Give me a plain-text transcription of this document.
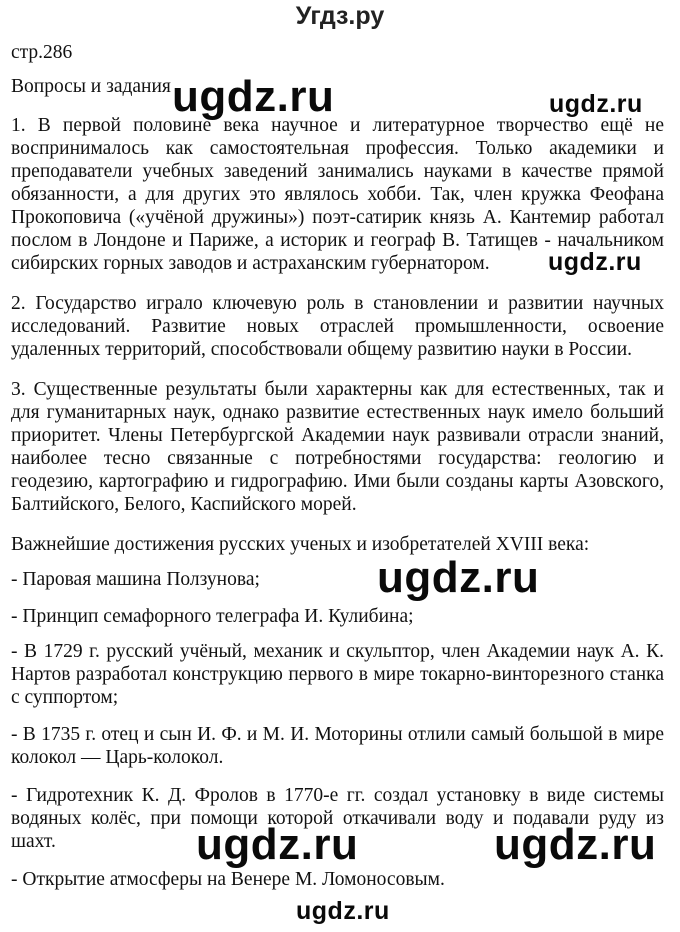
Угдз.ру

стр.286

Вопросы и задания

1. В первой половине века научное и литературное творчество ещё не воспринималось как самостоятельная профессия. Только академики и преподаватели учебных заведений занимались науками в качестве прямой обязанности, а для других это являлось хобби. Так, член кружка Феофана Прокоповича («учёной дружины») поэт-сатирик князь А. Кантемир работал послом в Лондоне и Париже, а историк и географ В. Татищев - начальником сибирских горных заводов и астраханским губернатором.

2. Государство играло ключевую роль в становлении и развитии научных исследований. Развитие новых отраслей промышленности, освоение удаленных территорий, способствовали общему развитию науки в России.

3. Существенные результаты были характерны как для естественных, так и для гуманитарных наук, однако развитие естественных наук имело больший приоритет. Члены Петербургской Академии наук развивали отрасли знаний, наиболее тесно связанные с потребностями государства: геологию и геодезию, картографию и гидрографию. Ими были созданы карты Азовского, Балтийского, Белого, Каспийского морей.

Важнейшие достижения русских ученых и изобретателей XVIII века:

- Паровая машина Ползунова;

- Принцип семафорного телеграфа И. Кулибина;

- В 1729 г. русский учёный, механик и скульптор, член Академии наук А. К. Нартов разработал конструкцию первого в мире токарно-винторезного станка с суппортом;

- В 1735 г. отец и сын И. Ф. и М. И. Моторины отлили самый большой в мире колокол — Царь-колокол.

- Гидротехник К. Д. Фролов в 1770-е гг. создал установку в виде системы водяных колёс, при помощи которой откачивали воду и подавали руду из шахт.

- Открытие атмосферы на Венере М. Ломоносовым.

ugdz.ru	ugdz.ru
ugdz.ru
ugdz.ru
ugdz.ru	ugdz.ru
ugdz.ru
